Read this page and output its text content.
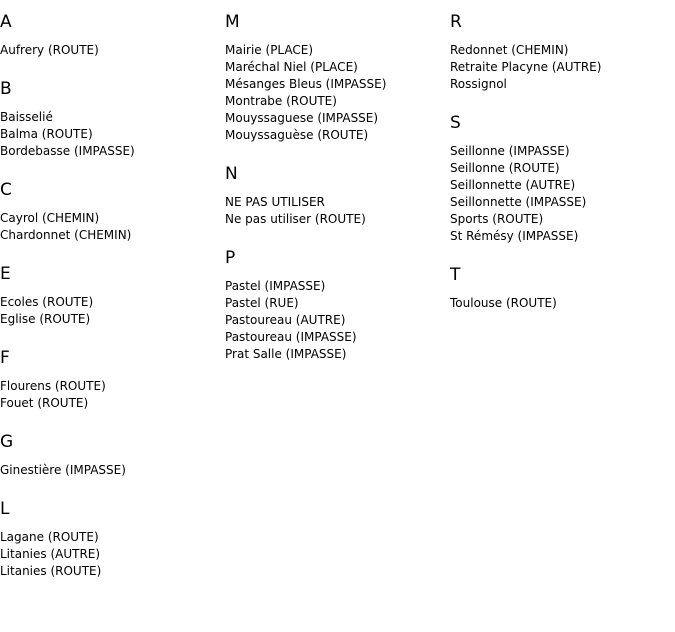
A
Aufrery (ROUTE)
B
Baisselié
Balma (ROUTE)
Bordebasse (IMPASSE)
C
Cayrol (CHEMIN)
Chardonnet (CHEMIN)
E
Ecoles (ROUTE)
Eglise (ROUTE)
F
Flourens (ROUTE)
Fouet (ROUTE)
G
Ginestière (IMPASSE)
L
Lagane (ROUTE)
Litanies (AUTRE)
Litanies (ROUTE)
M
Mairie (PLACE)
Maréchal Niel (PLACE)
Mésanges Bleus (IMPASSE)
Montrabe (ROUTE)
Mouyssaguese (IMPASSE)
Mouyssaguèse (ROUTE)
N
NE PAS UTILISER
Ne pas utiliser (ROUTE)
P
Pastel (IMPASSE)
Pastel (RUE)
Pastoureau (AUTRE)
Pastoureau (IMPASSE)
Prat Salle (IMPASSE)
R
Redonnet (CHEMIN)
Retraite Placyne (AUTRE)
Rossignol
S
Seillonne (IMPASSE)
Seillonne (ROUTE)
Seillonnette (AUTRE)
Seillonnette (IMPASSE)
Sports (ROUTE)
St Rémésy (IMPASSE)
T
Toulouse (ROUTE)
